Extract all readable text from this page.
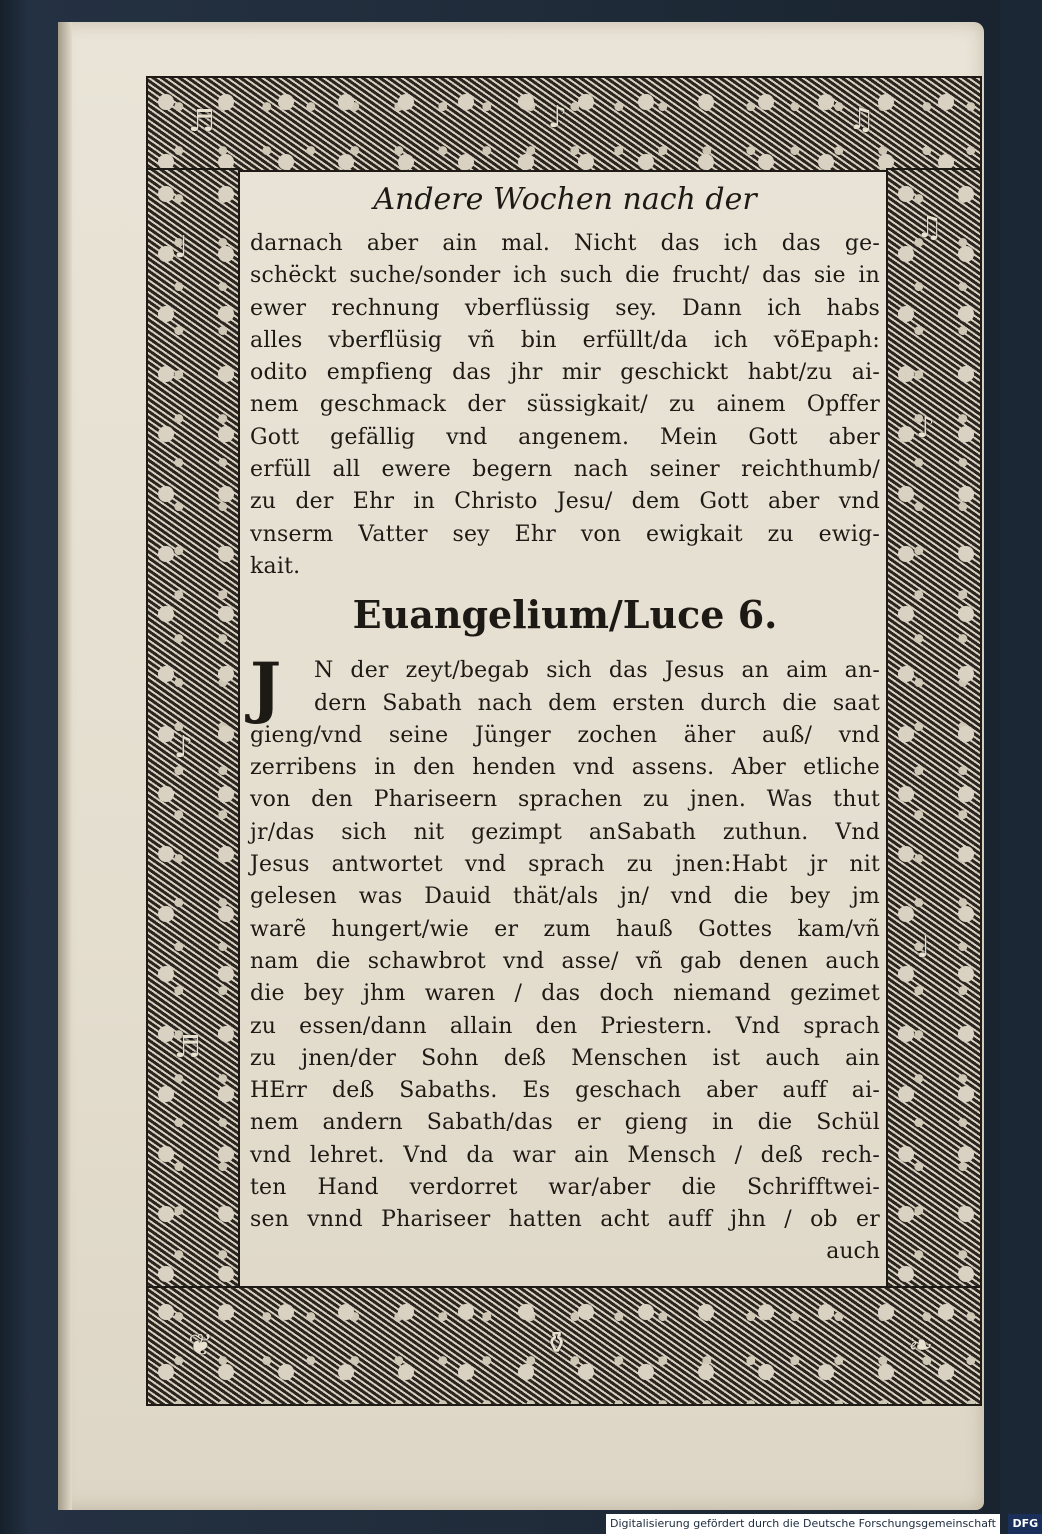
♬	♪	♫
♩
♪
♬
♫
♪
♩
❦	⚱	❧
Andere Wochen nach der
darnach aber ain mal. Nicht das ich das ge-
schëckt suche/sonder ich such die frucht/ das sie in
ewer rechnung vberflüssig sey. Dann ich habs
alles vberflüsig vñ bin erfüllt/da ich võEpaph:
odito empfieng das jhr mir geschickt habt/zu ai-
nem geschmack der süssigkait/ zu ainem Opffer
Gott gefällig vnd angenem. Mein Gott aber
erfüll all ewere begern nach seiner reichthumb/
zu der Ehr in Christo Jesu/ dem Gott aber vnd
vnserm Vatter sey Ehr von ewigkait zu ewig-
kait.
Euangelium/Luce 6.
J	N der zeyt/begab sich das Jesus an aim an-
dern Sabath nach dem ersten durch die saat
gieng/vnd seine Jünger zochen äher auß/ vnd
zerribens in den henden vnd assens. Aber etliche
von den Phariseern sprachen zu jnen. Was thut
jr/das sich nit gezimpt anSabath zuthun. Vnd
Jesus antwortet vnd sprach zu jnen:Habt jr nit
gelesen was Dauid thät/als jn/ vnd die bey jm
warẽ hungert/wie er zum hauß Gottes kam/vñ
nam die schawbrot vnd asse/ vñ gab denen auch
die bey jhm waren / das doch niemand gezimet
zu essen/dann allain den Priestern. Vnd sprach
zu jnen/der Sohn deß Menschen ist auch ain
HErr deß Sabaths. Es geschach aber auff ai-
nem andern Sabath/das er gieng in die Schül
vnd lehret. Vnd da war ain Mensch / deß rech-
ten Hand verdorret war/aber die Schrifftwei-
sen vnnd Phariseer hatten acht auff jhn / ob er
auch
Digitalisierung gefördert durch die Deutsche Forschungsgemeinschaft · DFG
